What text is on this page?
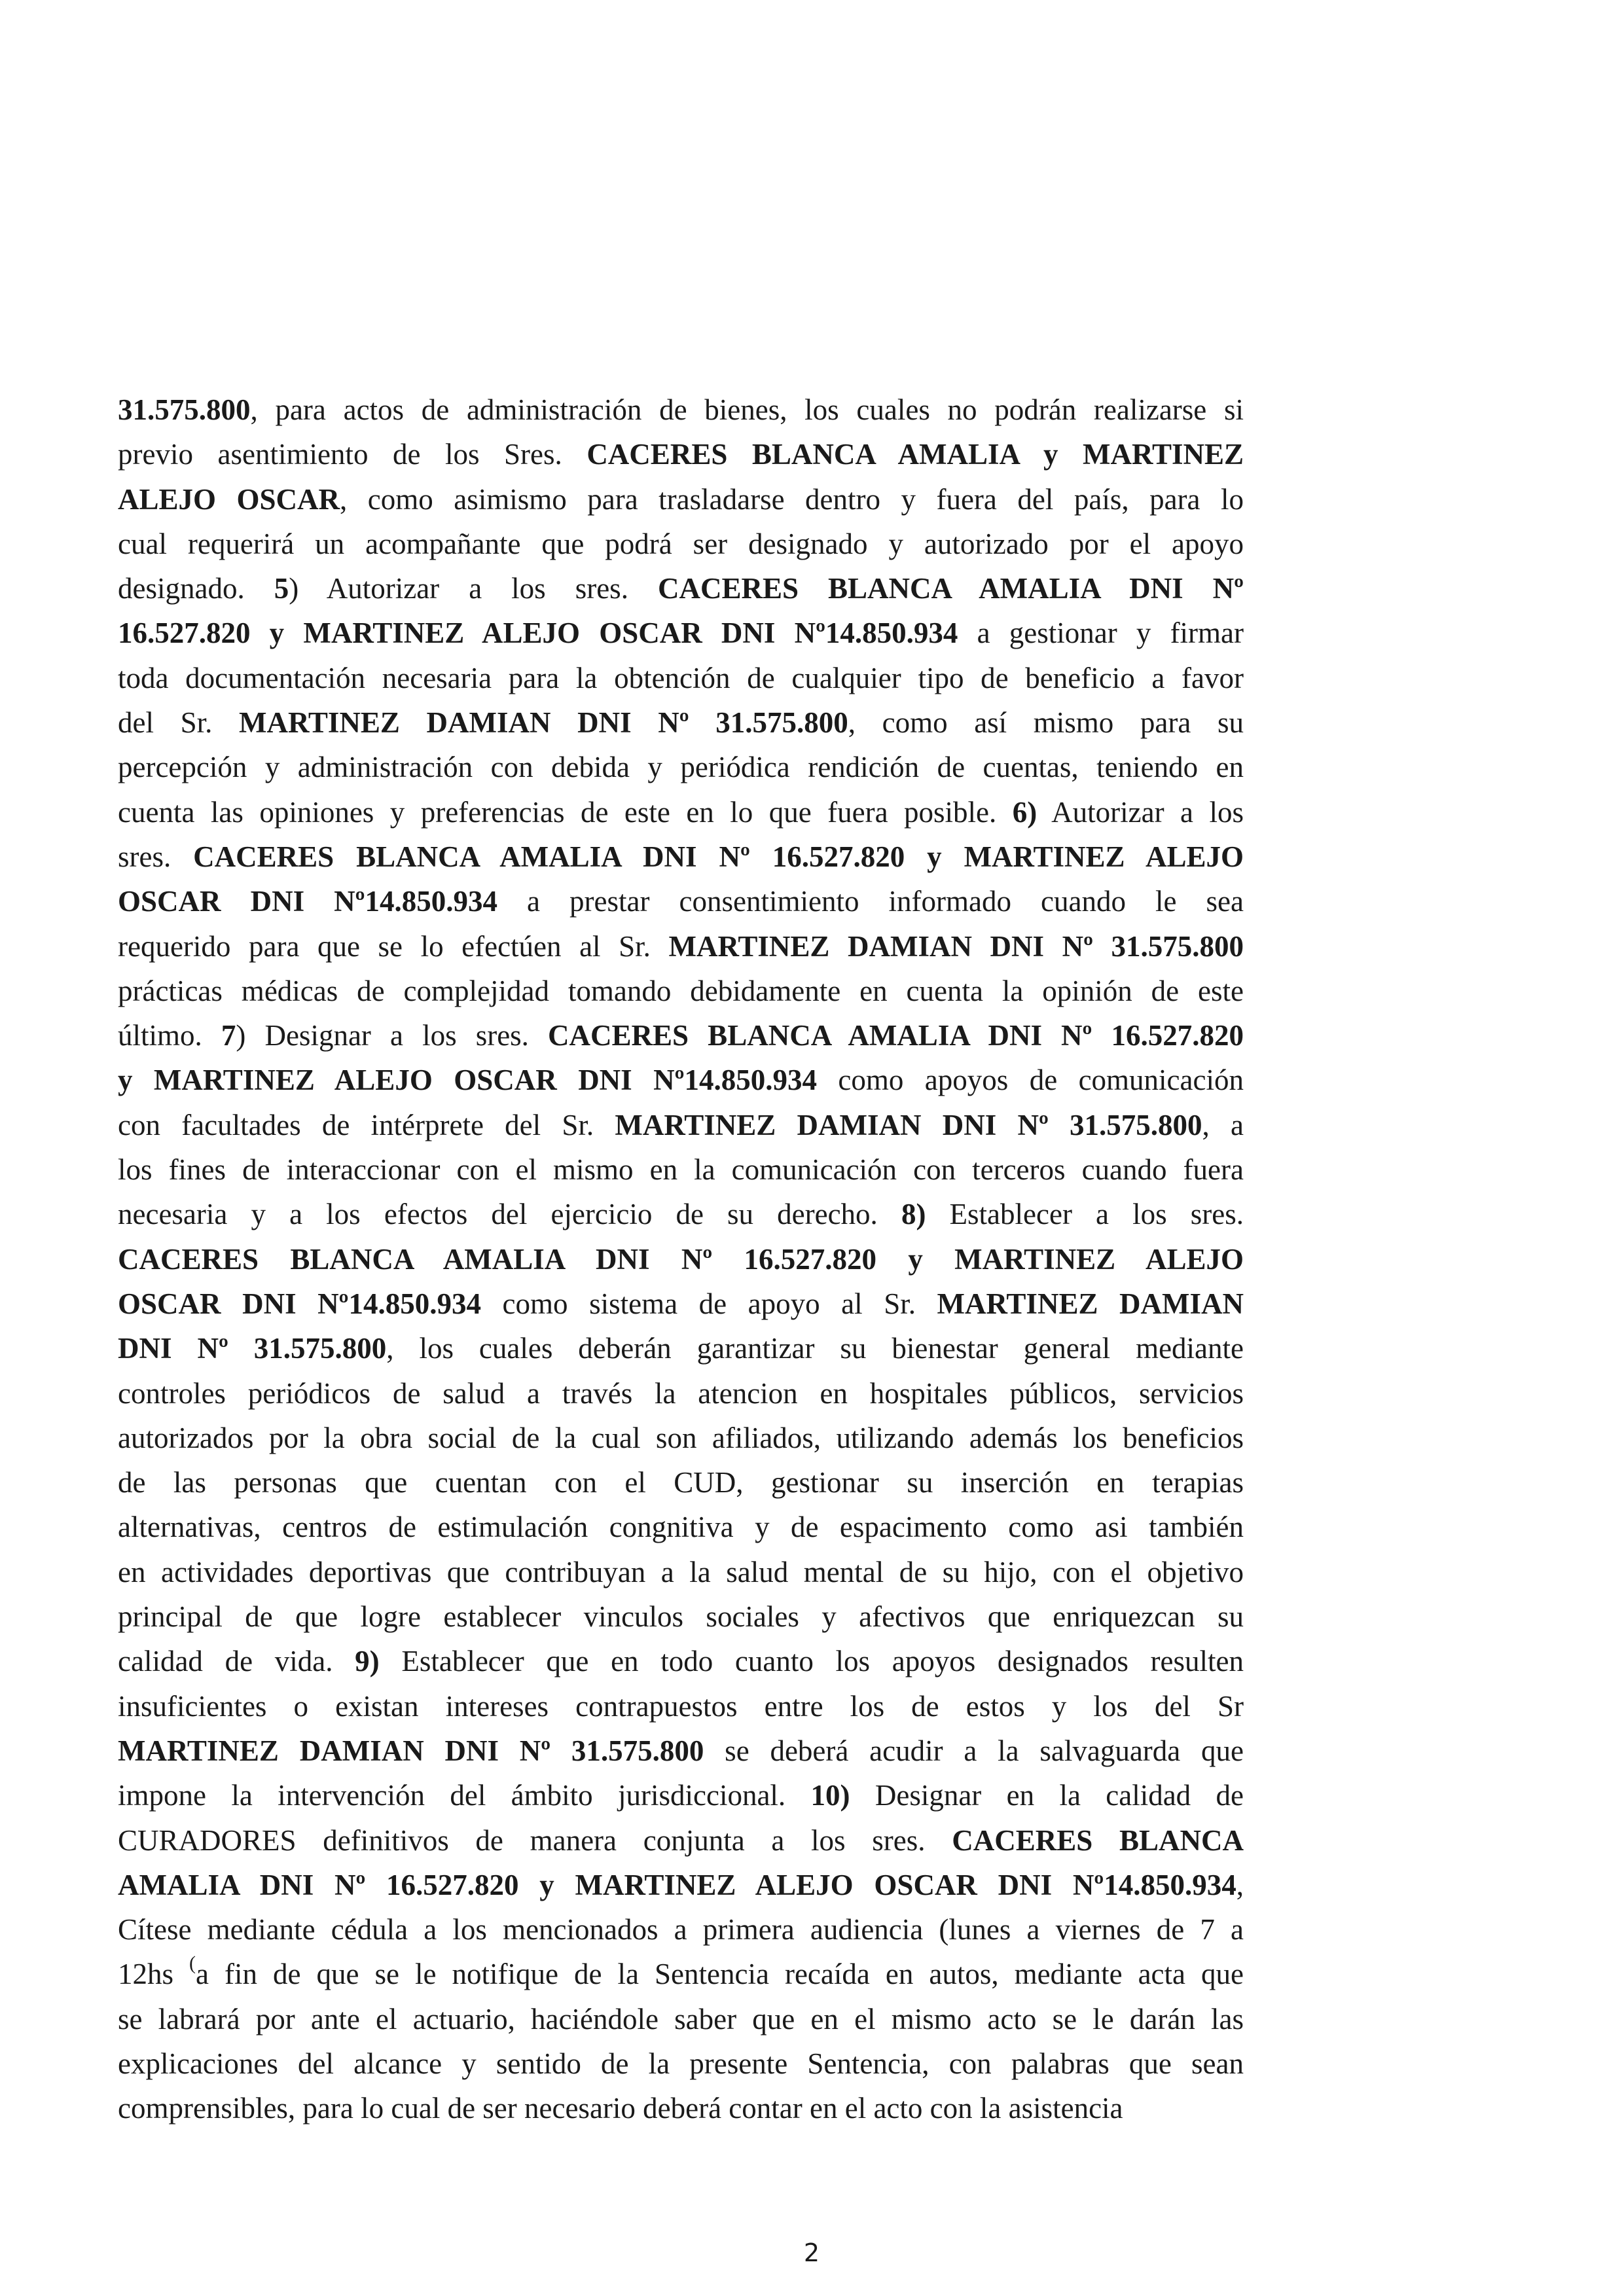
31.575.800, para actos de administración de bienes, los cuales no podrán realizarse si
previo asentimiento de los Sres. CACERES BLANCA AMALIA y MARTINEZ
ALEJO OSCAR, como asimismo para trasladarse dentro y fuera del país, para lo
cual requerirá un acompañante que podrá ser designado y autorizado por el apoyo
designado. 5) Autorizar a los sres. CACERES BLANCA AMALIA DNI Nº
16.527.820 y MARTINEZ ALEJO OSCAR DNI Nº14.850.934 a gestionar y firmar
toda documentación necesaria para la obtención de cualquier tipo de beneficio a favor
del Sr. MARTINEZ DAMIAN DNI Nº 31.575.800, como así mismo para su
percepción y administración con debida y periódica rendición de cuentas, teniendo en
cuenta las opiniones y preferencias de este en lo que fuera posible. 6) Autorizar a los
sres. CACERES BLANCA AMALIA DNI Nº 16.527.820 y MARTINEZ ALEJO
OSCAR DNI Nº14.850.934 a prestar consentimiento informado cuando le sea
requerido para que se lo efectúen al Sr. MARTINEZ DAMIAN DNI Nº 31.575.800
prácticas médicas de complejidad tomando debidamente en cuenta la opinión de este
último. 7) Designar a los sres. CACERES BLANCA AMALIA DNI Nº 16.527.820
y MARTINEZ ALEJO OSCAR DNI Nº14.850.934 como apoyos de comunicación
con facultades de intérprete del Sr. MARTINEZ DAMIAN DNI Nº 31.575.800, a
los fines de interaccionar con el mismo en la comunicación con terceros cuando fuera
necesaria y a los efectos del ejercicio de su derecho. 8) Establecer a los sres.
CACERES BLANCA AMALIA DNI Nº 16.527.820 y MARTINEZ ALEJO
OSCAR DNI Nº14.850.934 como sistema de apoyo al Sr. MARTINEZ DAMIAN
DNI Nº 31.575.800, los cuales deberán garantizar su bienestar general mediante
controles periódicos de salud a través la atencion en hospitales públicos, servicios
autorizados por la obra social de la cual son afiliados, utilizando además los beneficios
de las personas que cuentan con el CUD, gestionar su inserción en terapias
alternativas, centros de estimulación congnitiva y de espacimento como asi también
en actividades deportivas que contribuyan a la salud mental de su hijo, con el objetivo
principal de que logre establecer vinculos sociales y afectivos que enriquezcan su
calidad de vida. 9) Establecer que en todo cuanto los apoyos designados resulten
insuficientes o existan intereses contrapuestos entre los de estos y los del Sr
MARTINEZ DAMIAN DNI Nº 31.575.800 se deberá acudir a la salvaguarda que
impone la intervención del ámbito jurisdiccional. 10) Designar en la calidad de
CURADORES definitivos de manera conjunta a los sres. CACERES BLANCA
AMALIA DNI Nº 16.527.820 y MARTINEZ ALEJO OSCAR DNI Nº14.850.934,
Cítese mediante cédula a los mencionados a primera audiencia (lunes a viernes de 7 a
12hs (a fin de que se le notifique de la Sentencia recaída en autos, mediante acta que
se labrará por ante el actuario, haciéndole saber que en el mismo acto se le darán las
explicaciones del alcance y sentido de la presente Sentencia, con palabras que sean
comprensibles, para lo cual de ser necesario deberá contar en el acto con la asistencia
2
